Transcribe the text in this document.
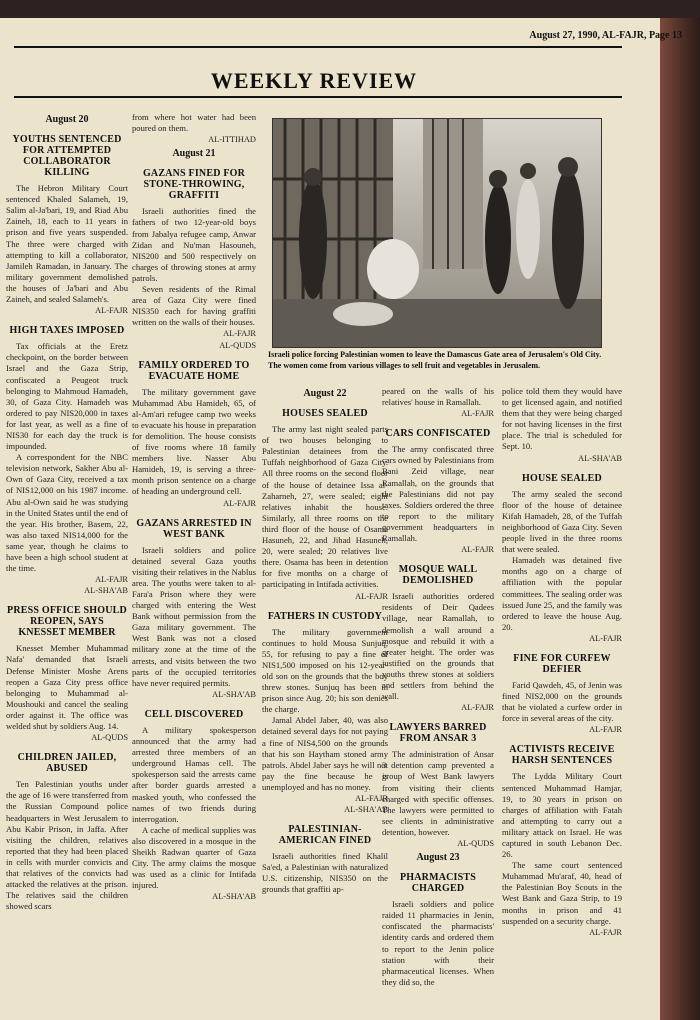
August 27, 1990, AL-FAJR, Page 13
WEEKLY REVIEW
August 20
YOUTHS SENTENCED FOR ATTEMPTED COLLABORATOR KILLING

The Hebron Military Court sentenced Khaled Salameh, 19, Salim al-Ja'bari, 19, and Riad Abu Zaineh, 18, each to 11 years in prison and five years suspended. The three were charged with attempting to kill a collaborator, Jamileh Ramadan, in January. The military government demolished the houses of Ja'bari and Abu Zaineh, and sealed Salameh's.

AL-FAJR

HIGH TAXES IMPOSED

Tax officials at the Eretz checkpoint, on the border between Israel and the Gaza Strip, confiscated a Peugeot truck belonging to Mahmoud Hamadeh, 30, of Gaza City. Hamadeh was ordered to pay NIS20,000 in taxes for last year, as well as a fine of NIS30 for each day the truck is impounded.

A correspondent for the NBC television network, Sakher Abu al-Own of Gaza City, received a tax of NIS12,000 on his 1987 income. Abu al-Own said he was studying in the United States until the end of the year. His brother, Basem, 22, was also taxed NIS14,000 for the same year, though he claims to have been a high school student at the time.

AL-FAJR
AL-SHA'AB

PRESS OFFICE SHOULD REOPEN, SAYS KNESSET MEMBER

Knesset Member Muhammad Nafa' demanded that Israeli Defense Minister Moshe Arens reopen a Gaza City press office belonging to Muhammad al-Moushouki and cancel the sealing order against it. The office was welded shut by soldiers Aug. 14.

AL-QUDS

CHILDREN JAILED, ABUSED

Ten Palestinian youths under the age of 16 were transferred from the Russian Compound police headquarters in West Jerusalem to Abu Kabir Prison, in Jaffa. After visiting the children, relatives reported that they had been placed in cells with murder convicts and that relatives of the convicts had attacked the relatives at the prison. The relatives said the children showed scars

from where hot water had been poured on them.

AL-ITTIHAD

August 21
GAZANS FINED FOR STONE-THROWING, GRAFFITI

Israeli authorities fined the fathers of two 12-year-old boys from Jabalya refugee camp, Anwar Zidan and Nu'man Hasouneh, NIS200 and 500 respectively on charges of throwing stones at army patrols.

Seven residents of the Rimal area of Gaza City were fined NIS350 each for having graffiti written on the walls of their houses.

AL-FAJR
AL-QUDS

FAMILY ORDERED TO EVACUATE HOME

The military government gave Muhammad Abu Hamideh, 65, of al-Am'ari refugee camp two weeks to evacuate his house in preparation for demolition. The house consists of five rooms where 18 family members live. Nasser Abu Hamideh, 19, is serving a three-month prison sentence on a charge of heading an underground cell.

AL-FAJR

GAZANS ARRESTED IN WEST BANK

Israeli soldiers and police detained several Gaza youths visiting their relatives in the Nablus area. The youths were taken to al-Fara'a Prison where they were charged with entering the West Bank without permission from the Gaza military government. The West Bank was not a closed military zone at the time of the arrests, and visits between the two parts of the occupied territories have never required permits.

AL-SHA'AB

CELL DISCOVERED

A military spokesperson announced that the army had arrested three members of an underground Hamas cell. The spokesperson said the arrests came after border guards arrested a masked youth, who confessed the names of two friends during interrogation.

A cache of medical supplies was also discovered in a mosque in the Sheikh Radwan quarter of Gaza City. The army claims the mosque was used as a clinic for Intifada injured.

AL-SHA'AB

Israeli police forcing Palestinian women to leave the Damascus Gate area of Jerusalem's Old City. The women come from various villages to sell fruit and vegetables in Jerusalem.
August 22
HOUSES SEALED

The army last night sealed parts of two houses belonging to Palestinian detainees from the Tuffah neighborhood of Gaza City. All three rooms on the second floor of the house of detainee Issa al-Zaharneh, 27, were sealed; eight relatives inhabit the house. Similarly, all three rooms on the third floor of the house of Osama Hasuneh, 22, and Jihad Hasuneh, 20, were sealed; 20 relatives live there. Osama has been in detention for five months on a charge of participating in Intifada activities.

AL-FAJR

FATHERS IN CUSTODY

The military government continues to hold Mousa Sunjuq, 55, for refusing to pay a fine of NIS1,500 imposed on his 12-year-old son on the grounds that the boy threw stones. Sunjuq has been in prison since Aug. 20; his son denies the charge.

Jamal Abdel Jaber, 40, was also detained several days for not paying a fine of NIS4,500 on the grounds that his son Haytham stoned army patrols. Abdel Jaber says he will not pay the fine because he is unemployed and has no money.

AL-FAJR
AL-SHA'AB

PALESTINIAN-AMERICAN FINED

Israeli authorities fined Khalil Sa'ed, a Palestinian with naturalized U.S. citizenship, NIS350 on the grounds that graffiti ap-

peared on the walls of his relatives' house in Ramallah.

AL-FAJR

CARS CONFISCATED

The army confiscated three cars owned by Palestinians from Bani Zeid village, near Ramallah, on the grounds that the Palestinians did not pay taxes. Soldiers ordered the three to report to the military government headquarters in Ramallah.

AL-FAJR

MOSQUE WALL DEMOLISHED

Israeli authorities ordered residents of Deir Qadees village, near Ramallah, to demolish a wall around a mosque and rebuild it with a greater height. The order was justified on the grounds that youths threw stones at soldiers and settlers from behind the wall.

AL-FAJR

LAWYERS BARRED FROM ANSAR 3

The administration of Ansar 3 detention camp prevented a group of West Bank lawyers from visiting their clients charged with specific offenses. The lawyers were permitted to see clients in administrative detention, however.

AL-QUDS

August 23
PHARMACISTS CHARGED

Israeli soldiers and police raided 11 pharmacies in Jenin, confiscated the pharmacists' identity cards and ordered them to report to the Jenin police station with their pharmaceutical licenses. When they did so, the

police told them they would have to get licensed again, and notified them that they were being charged for not having licenses in the first place. The trial is scheduled for Sept. 10.

AL-SHA'AB

HOUSE SEALED

The army sealed the second floor of the house of detainee Kifah Hamadeh, 28, of the Tuffah neighborhood of Gaza City. Seven people lived in the three rooms that were sealed.

Hamadeh was detained five months ago on a charge of affiliation with the popular committees. The sealing order was issued June 25, and the family was ordered to leave the house Aug. 20.

AL-FAJR

FINE FOR CURFEW DEFIER

Farid Qawdeh, 45, of Jenin was fined NIS2,000 on the grounds that he violated a curfew order in force in several areas of the city.

AL-FAJR

ACTIVISTS RECEIVE HARSH SENTENCES

The Lydda Military Court sentenced Muhammad Hamjar, 19, to 30 years in prison on charges of affiliation with Fatah and attempting to carry out a military attack on Israel. He was captured in south Lebanon Dec. 26.

The same court sentenced Muhammad Mu'araf, 40, head of the Palestinian Boy Scouts in the West Bank and Gaza Strip, to 19 months in prison and 41 suspended on a security charge.

AL-FAJR
